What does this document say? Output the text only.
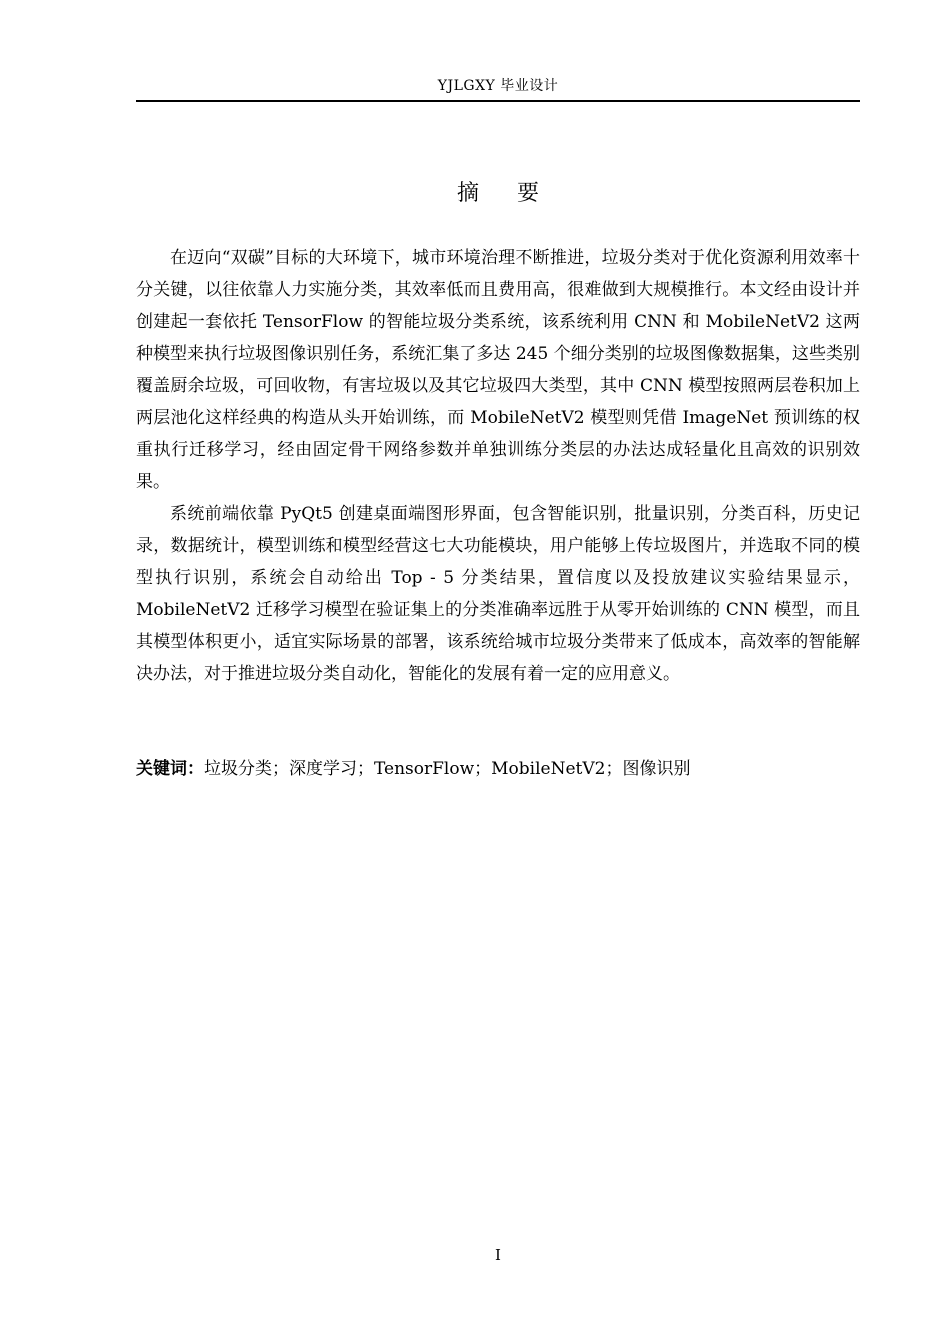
YJLGXY 毕业设计
摘要

在迈向“双碳”目标的大环境下，城市环境治理不断推进，垃圾分类对于优化资源利用效率十分关键，以往依靠人力实施分类，其效率低而且费用高，很难做到大规模推行。本文经由设计并创建起一套依托 TensorFlow 的智能垃圾分类系统，该系统利用 CNN 和 MobileNetV2 这两种模型来执行垃圾图像识别任务，系统汇集了多达 245 个细分类别的垃圾图像数据集，这些类别覆盖厨余垃圾，可回收物，有害垃圾以及其它垃圾四大类型，其中 CNN 模型按照两层卷积加上两层池化这样经典的构造从头开始训练，而 MobileNetV2 模型则凭借 ImageNet 预训练的权重执行迁移学习，经由固定骨干网络参数并单独训练分类层的办法达成轻量化且高效的识别效果。

系统前端依靠 PyQt5 创建桌面端图形界面，包含智能识别，批量识别，分类百科，历史记录，数据统计，模型训练和模型经营这七大功能模块，用户能够上传垃圾图片，并选取不同的模型执行识别，系统会自动给出 Top - 5 分类结果，置信度以及投放建议实验结果显示，MobileNetV2 迁移学习模型在验证集上的分类准确率远胜于从零开始训练的 CNN 模型，而且其模型体积更小，适宜实际场景的部署，该系统给城市垃圾分类带来了低成本，高效率的智能解决办法，对于推进垃圾分类自动化，智能化的发展有着一定的应用意义。

关键词：垃圾分类；深度学习；TensorFlow；MobileNetV2；图像识别
I
